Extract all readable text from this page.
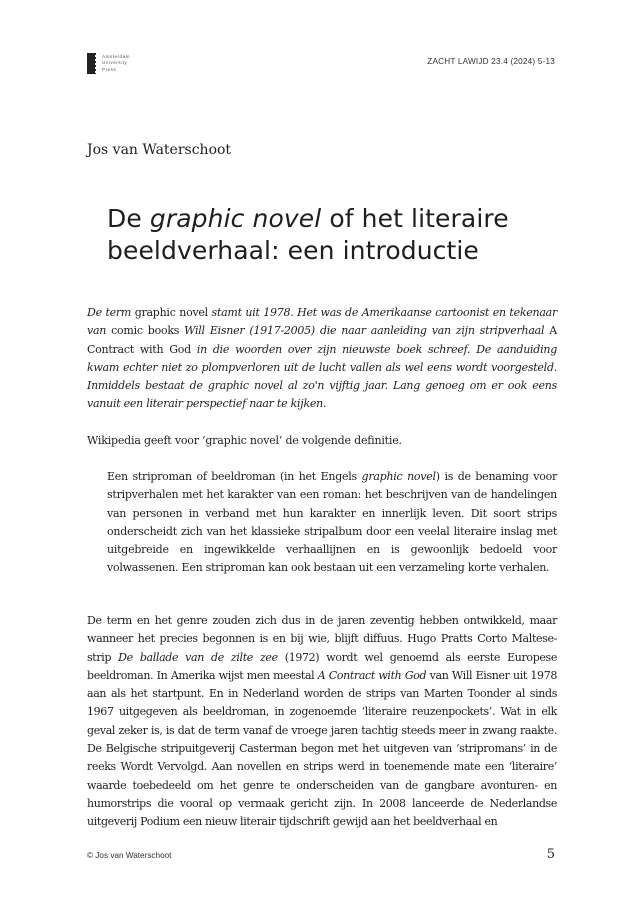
Amsterdam
University
Press
ZACHT LAWIJD 23.4 (2024) 5-13
Jos van Waterschoot
De graphic novel of het literaire beeldverhaal: een introductie

De term graphic novel stamt uit 1978. Het was de Amerikaanse cartoonist en tekenaar van comic books Will Eisner (1917-2005) die naar aanleiding van zijn stripverhaal A Contract with God in die woorden over zijn nieuwste boek schreef. De aanduiding kwam echter niet zo plompverloren uit de lucht vallen als wel eens wordt voorgesteld. Inmiddels bestaat de graphic novel al zo'n vijftig jaar. Lang genoeg om er ook eens vanuit een literair perspectief naar te kijken.

Wikipedia geeft voor ‘graphic novel’ de volgende definitie.

Een striproman of beeldroman (in het Engels graphic novel) is de benaming voor stripverhalen met het karakter van een roman: het beschrijven van de handelingen van personen in verband met hun karakter en innerlijk leven. Dit soort strips onderscheidt zich van het klassieke stripalbum door een veelal literaire inslag met uitgebreide en ingewikkelde verhaallijnen en is gewoonlijk bedoeld voor volwassenen. Een striproman kan ook bestaan uit een verzameling korte verhalen.

De term en het genre zouden zich dus in de jaren zeventig hebben ontwikkeld, maar wanneer het precies begonnen is en bij wie, blijft diffuus. Hugo Pratts Corto Maltese-strip De ballade van de zilte zee (1972) wordt wel genoemd als eerste Europese beeldroman. In Amerika wijst men meestal A Contract with God van Will Eisner uit 1978 aan als het startpunt. En in Nederland worden de strips van Marten Toonder al sinds 1967 uitgegeven als beeldroman, in zogenoemde ‘literaire reuzenpockets’. Wat in elk geval zeker is, is dat de term vanaf de vroege jaren tachtig steeds meer in zwang raakte. De Belgische stripuitgeverij Casterman begon met het uitgeven van ‘stripromans’ in de reeks Wordt Vervolgd. Aan novellen en strips werd in toenemende mate een ‘literaire’ waarde toebedeeld om het genre te onderscheiden van de gangbare avonturen- en humorstrips die vooral op vermaak gericht zijn. In 2008 lanceerde de Nederlandse uitgeverij Podium een nieuw literair tijdschrift gewijd aan het beeldverhaal en

© Jos van Waterschoot	5
